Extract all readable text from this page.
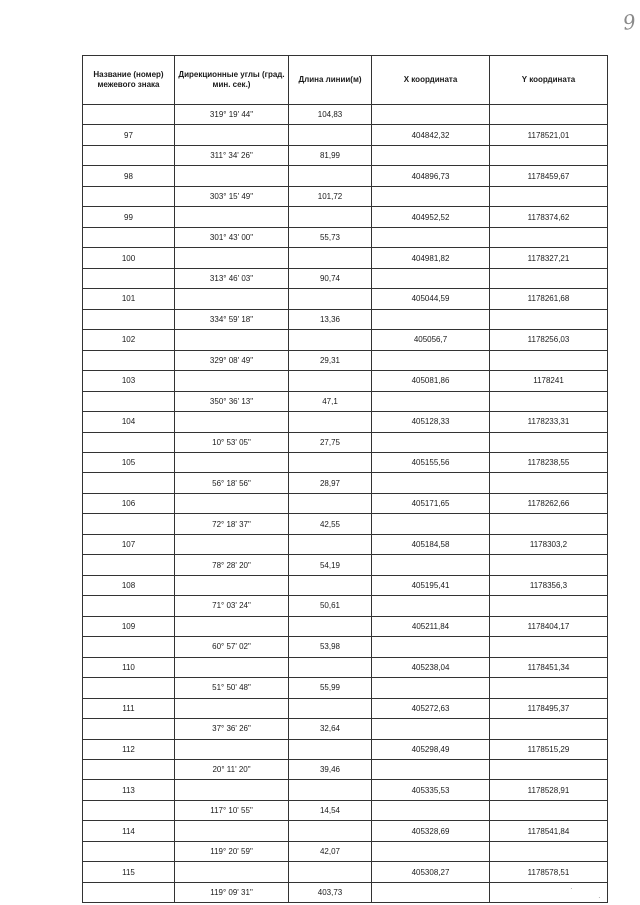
9
Название (номер) межевого знака	Дирекционные углы (град. мин. сек.)	Длина линии(м)	X координата	Y координата
	319° 19' 44"	104,83		
97			404842,32	1178521,01
	311° 34' 26"	81,99		
98			404896,73	1178459,67
	303° 15' 49"	101,72		
99			404952,52	1178374,62
	301° 43' 00"	55,73		
100			404981,82	1178327,21
	313° 46' 03"	90,74		
101			405044,59	1178261,68
	334° 59' 18"	13,36		
102			405056,7	1178256,03
	329° 08' 49"	29,31		
103			405081,86	1178241
	350° 36' 13"	47,1		
104			405128,33	1178233,31
	10° 53' 05"	27,75		
105			405155,56	1178238,55
	56° 18' 56"	28,97		
106			405171,65	1178262,66
	72° 18' 37"	42,55		
107			405184,58	1178303,2
	78° 28' 20"	54,19		
108			405195,41	1178356,3
	71° 03' 24"	50,61		
109			405211,84	1178404,17
	60° 57' 02"	53,98		
110			405238,04	1178451,34
	51° 50' 48"	55,99		
111			405272,63	1178495,37
	37° 36' 26"	32,64		
112			405298,49	1178515,29
	20° 11' 20"	39,46		
113			405335,53	1178528,91
	117° 10' 55"	14,54		
114			405328,69	1178541,84
	119° 20' 59"	42,07		
115			405308,27	1178578,51
	119° 09' 31"	403,73			·
·
